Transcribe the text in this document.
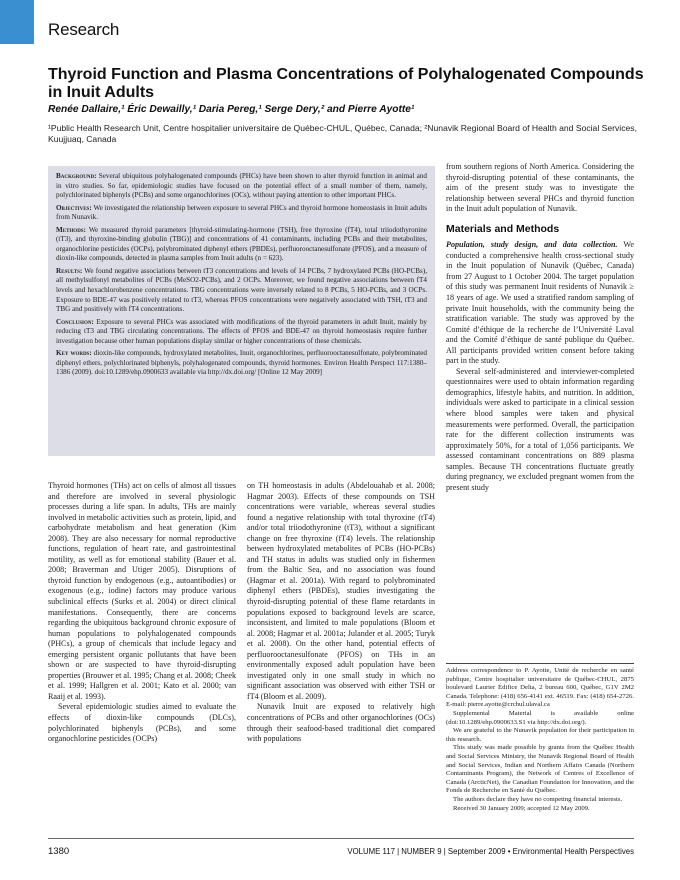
Research
Thyroid Function and Plasma Concentrations of Polyhalogenated Compounds in Inuit Adults
Renée Dallaire,¹ Éric Dewailly,¹ Daria Pereg,¹ Serge Dery,² and Pierre Ayotte¹
¹Public Health Research Unit, Centre hospitalier universitaire de Québec-CHUL, Québec, Canada; ²Nunavik Regional Board of Health and Social Services, Kuujjuaq, Canada

Background: Several ubiquitous polyhalogenated compounds (PHCs) have been shown to alter thyroid function in animal and in vitro studies. So far, epidemiologic studies have focused on the potential effect of a small number of them, namely, polychlorinated biphenyls (PCBs) and some organochlorines (OCs), without paying attention to other important PHCs.

Objectives: We investigated the relationship between exposure to several PHCs and thyroid hormone homeostasis in Inuit adults from Nunavik.

Methods: We measured thyroid parameters [thyroid-stimulating-hormone (TSH), free thyroxine (fT4), total triiodothyronine (tT3), and thyroxine-binding globulin (TBG)] and concentrations of 41 contaminants, including PCBs and their metabolites, organochlorine pesticides (OCPs), polybrominated diphenyl ethers (PBDEs), perfluorooctanesulfonate (PFOS), and a measure of dioxin-like compounds, detected in plasma samples from Inuit adults (n = 623).

Results: We found negative associations between tT3 concentrations and levels of 14 PCBs, 7 hydroxylated PCBs (HO-PCBs), all methylsulfonyl metabolites of PCBs (MeSO2-PCBs), and 2 OCPs. Moreover, we found negative associations between fT4 levels and hexachlorobenzene concentrations. TBG concentrations were inversely related to 8 PCBs, 5 HO-PCBs, and 3 OCPs. Exposure to BDE-47 was positively related to tT3, whereas PFOS concentrations were negatively associated with TSH, tT3 and TBG and positively with fT4 concentrations.

Conclusion: Exposure to several PHCs was associated with modifications of the thyroid parameters in adult Inuit, mainly by reducing tT3 and TBG circulating concentrations. The effects of PFOS and BDE-47 on thyroid homeostasis require further investigation because other human populations display similar or higher concentrations of these chemicals.

Key words: dioxin-like compounds, hydroxylated metabolites, Inuit, organochlorines, perfluorooctanesulfonate, polybrominated diphenyl ethers, polychlorinated biphenyls, polyhalogenated compounds, thyroid hormones. Environ Health Perspect 117:1380–1386 (2009). doi:10.1289/ehp.0900633 available via http://dx.doi.org/ [Online 12 May 2009]

Thyroid hormones (THs) act on cells of almost all tissues and therefore are involved in several physiologic processes during a life span. In adults, THs are mainly involved in metabolic activities such as protein, lipid, and carbohydrate metabolism and heat generation (Kim 2008). They are also necessary for normal reproductive functions, regulation of heart rate, and gastrointestinal motility, as well as for emotional stability (Bauer et al. 2008; Braverman and Utiger 2005). Disruptions of thyroid function by endogenous (e.g., autoantibodies) or exogenous (e.g., iodine) factors may produce various subclinical effects (Surks et al. 2004) or direct clinical manifestations. Consequently, there are concerns regarding the ubiquitous background chronic exposure of human populations to polyhalogenated compounds (PHCs), a group of chemicals that include legacy and emerging persistent organic pollutants that have been shown or are suspected to have thyroid-disrupting properties (Brouwer et al. 1995; Chang et al. 2008; Cheek et al. 1999; Hallgren et al. 2001; Kato et al. 2000; van Raaij et al. 1993).

Several epidemiologic studies aimed to evaluate the effects of dioxin-like compounds (DLCs), polychlorinated biphenyls (PCBs), and some organochlorine pesticides (OCPs)

on TH homeostasis in adults (Abdelouahab et al. 2008; Hagmar 2003). Effects of these compounds on TSH concentrations were variable, whereas several studies found a negative relationship with total thyroxine (tT4) and/or total triiodothyronine (tT3), without a significant change on free thyroxine (fT4) levels. The relationship between hydroxylated metabolites of PCBs (HO-PCBs) and TH status in adults was studied only in fishermen from the Baltic Sea, and no association was found (Hagmar et al. 2001a). With regard to polybrominated diphenyl ethers (PBDEs), studies investigating the thyroid-disrupting potential of these flame retardants in populations exposed to background levels are scarce, inconsistent, and limited to male populations (Bloom et al. 2008; Hagmar et al. 2001a; Julander et al. 2005; Turyk et al. 2008). On the other hand, potential effects of perfluorooctanesulfonate (PFOS) on THs in an environmentally exposed adult population have been investigated only in one small study in which no significant association was observed with either TSH or fT4 (Bloom et al. 2009).

Nunavik Inuit are exposed to relatively high concentrations of PCBs and other organochlorines (OCs) through their seafood-based traditional diet compared with populations

from southern regions of North America. Considering the thyroid-disrupting potential of these contaminants, the aim of the present study was to investigate the relationship between several PHCs and thyroid function in the Inuit adult population of Nunavik.

Materials and Methods

Population, study design, and data collection. We conducted a comprehensive health cross-sectional study in the Inuit population of Nunavik (Québec, Canada) from 27 August to 1 October 2004. The target population of this study was permanent Inuit residents of Nunavik ≥ 18 years of age. We used a stratified random sampling of private Inuit households, with the community being the stratification variable. The study was approved by the Comité d’éthique de la recherche de l’Université Laval and the Comité d’éthique de santé publique du Québec. All participants provided written consent before taking part in the study.

Several self-administered and interviewer-completed questionnaires were used to obtain information regarding demographics, lifestyle habits, and nutrition. In addition, individuals were asked to participate in a clinical session where blood samples were taken and physical measurements were performed. Overall, the participation rate for the different collection instruments was approximately 50%, for a total of 1,056 participants. We assessed contaminant concentrations on 889 plasma samples. Because TH concentrations fluctuate greatly during pregnancy, we excluded pregnant women from the present study

Address correspondence to P. Ayotte, Unité de recherche en santé publique, Centre hospitalier universitaire de Québec-CHUL, 2875 boulevard Laurier Édifice Delta, 2 bureau 600, Québec, G1V 2M2 Canada. Telephone: (418) 656-4141 ext. 46519. Fax: (418) 654-2726. E-mail: pierre.ayotte@crchul.ulaval.ca

Supplemental Material is available online (doi:10.1289/ehp.0900633.S1 via http://dx.doi.org/).

We are grateful to the Nunavik population for their participation in this research.

This study was made possible by grants from the Québec Health and Social Services Ministry, the Nunavik Regional Board of Health and Social Services, Indian and Northern Affairs Canada (Northern Contaminants Program), the Network of Centres of Excellence of Canada (ArcticNet), the Canadian Foundation for Innovation, and the Fonds de Recherche en Santé du Québec.

The authors declare they have no competing financial interests.

Received 30 January 2009; accepted 12 May 2009.

1380	VOLUME 117 | NUMBER 9 | September 2009 • Environmental Health Perspectives
